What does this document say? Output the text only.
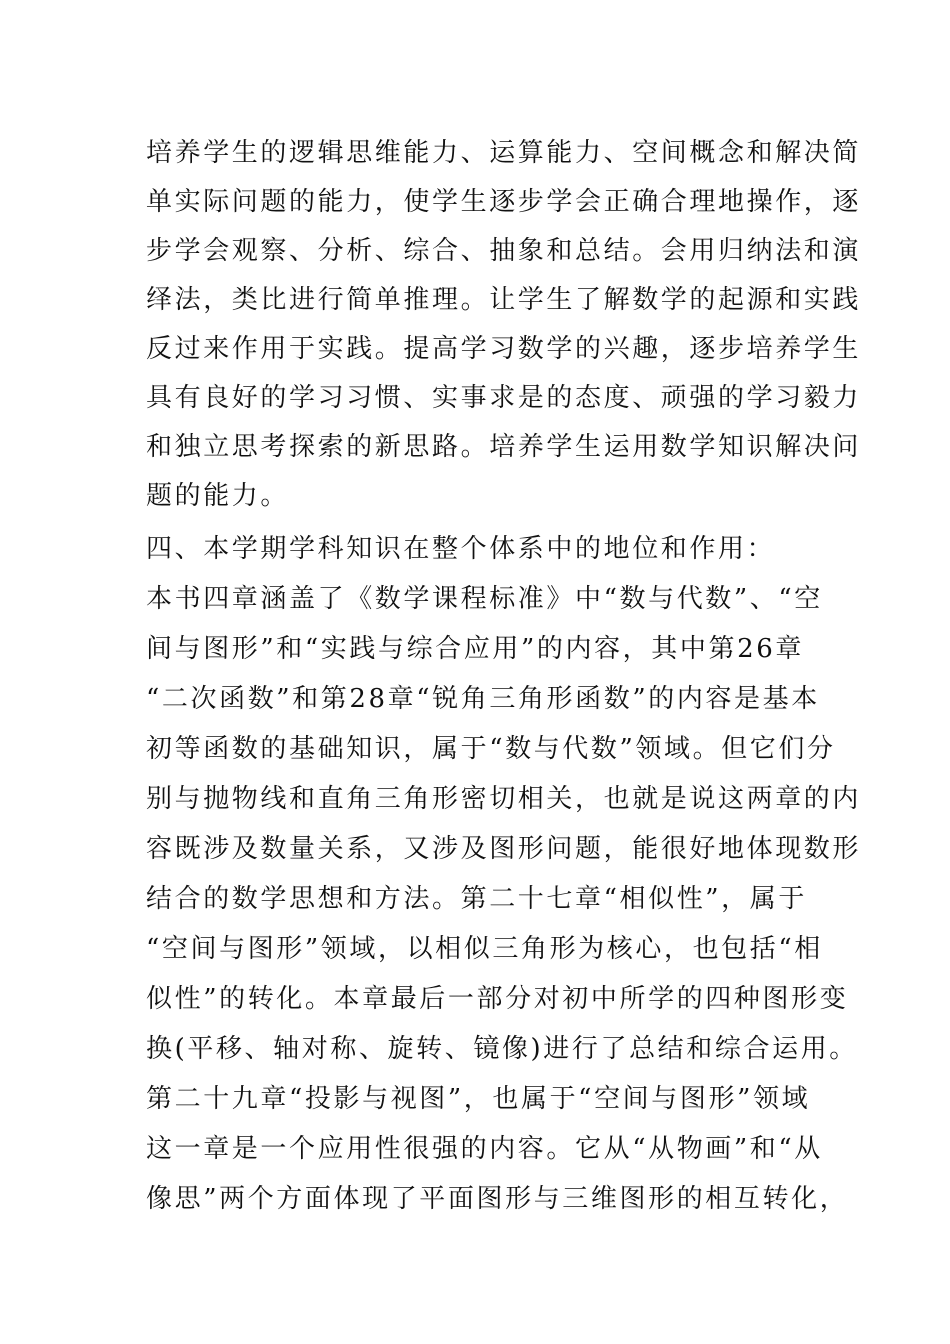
培养学生的逻辑思维能力、运算能力、空间概念和解决简
单实际问题的能力，使学生逐步学会正确合理地操作，逐
步学会观察、分析、综合、抽象和总结。会用归纳法和演
绎法，类比进行简单推理。让学生了解数学的起源和实践
反过来作用于实践。提高学习数学的兴趣，逐步培养学生
具有良好的学习习惯、实事求是的态度、顽强的学习毅力
和独立思考探索的新思路。培养学生运用数学知识解决问
题的能力。
四、本学期学科知识在整个体系中的地位和作用：
本书四章涵盖了《数学课程标准》中“数与代数”、“空
间与图形”和“实践与综合应用”的内容，其中第26章
“二次函数”和第28章“锐角三角形函数”的内容是基本
初等函数的基础知识，属于“数与代数”领域。但它们分
别与抛物线和直角三角形密切相关，也就是说这两章的内
容既涉及数量关系，又涉及图形问题，能很好地体现数形
结合的数学思想和方法。第二十七章“相似性”，属于
“空间与图形”领域，以相似三角形为核心，也包括“相
似性”的转化。本章最后一部分对初中所学的四种图形变
换(平移、轴对称、旋转、镜像)进行了总结和综合运用。
第二十九章“投影与视图”，也属于“空间与图形”领域
这一章是一个应用性很强的内容。它从“从物画”和“从
像思”两个方面体现了平面图形与三维图形的相互转化，
